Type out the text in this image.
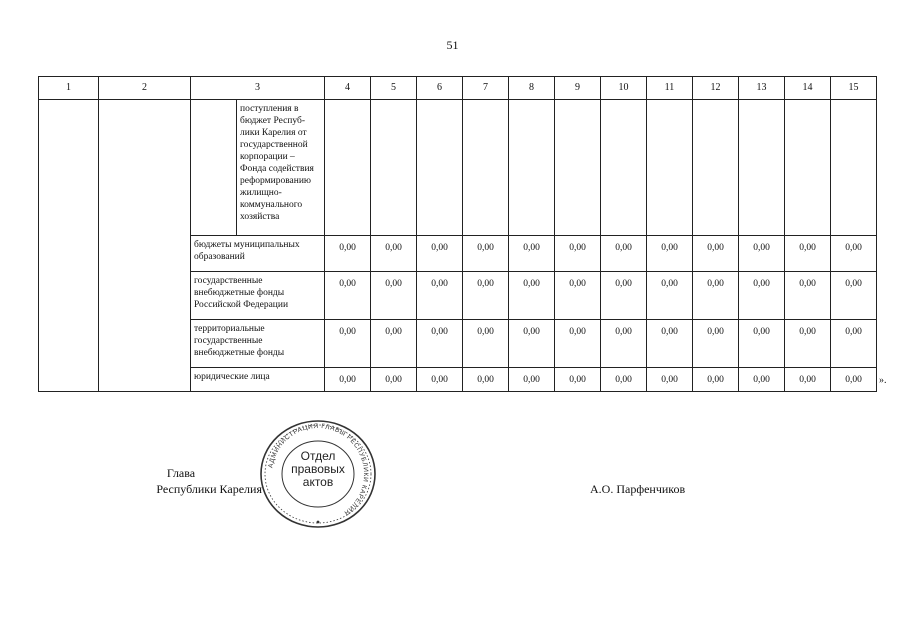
51
1	2	3		4	5	6	7	8	9	10	11	12	13	14	15
			поступления в бюджет Респуб-лики Карелия от государственной корпорации – Фонда содействия реформированию жилищно-коммунального хозяйства												
		бюджеты муниципальных образований		0,00	0,00	0,00	0,00	0,00	0,00	0,00	0,00	0,00	0,00	0,00	0,00
		государственные внебюджетные фонды Российской Федерации		0,00	0,00	0,00	0,00	0,00	0,00	0,00	0,00	0,00	0,00	0,00	0,00
		территориальные государственные внебюджетные фонды		0,00	0,00	0,00	0,00	0,00	0,00	0,00	0,00	0,00	0,00	0,00	0,00
		юридические лица		0,00	0,00	0,00	0,00	0,00	0,00	0,00	0,00	0,00	0,00	0,00	0,00 ».
Глава
Республики Карелия
АДМИНИСТРАЦИЯ ГЛАВЫ РЕСПУБЛИКИ КАРЕЛИЯ
Отдел
правовых
актов	А.О. Парфенчиков
